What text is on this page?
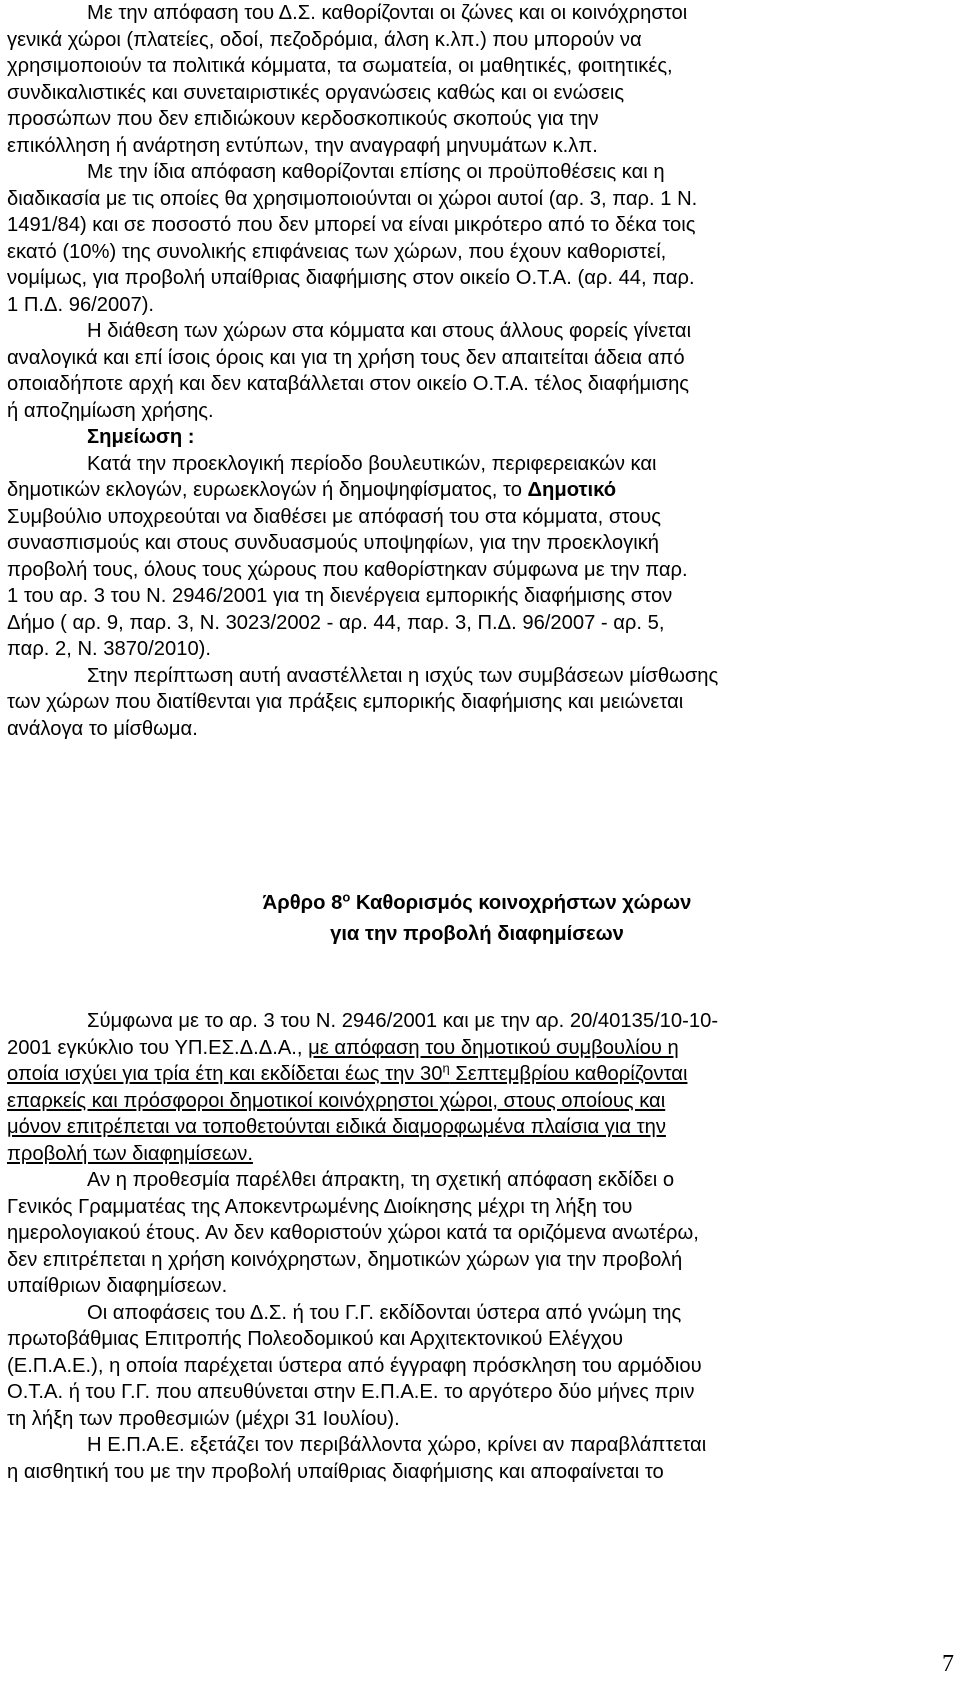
Με την απόφαση του Δ.Σ. καθορίζονται οι ζώνες και οι κοινόχρηστοι
γενικά χώροι (πλατείες, οδοί, πεζοδρόμια, άλση κ.λπ.) που μπορούν να
χρησιμοποιούν τα πολιτικά κόμματα, τα σωματεία, οι μαθητικές, φοιτητικές,
συνδικαλιστικές και συνεταιριστικές οργανώσεις καθώς και οι ενώσεις
προσώπων που δεν επιδιώκουν κερδοσκοπικούς σκοπούς για την
επικόλληση ή ανάρτηση εντύπων, την αναγραφή μηνυμάτων κ.λπ.
Με την ίδια απόφαση καθορίζονται επίσης οι προϋποθέσεις και η
διαδικασία με τις οποίες θα χρησιμοποιούνται οι χώροι αυτοί (αρ. 3, παρ. 1 Ν.
1491/84) και σε ποσοστό που δεν μπορεί να είναι μικρότερο από το δέκα τοις
εκατό (10%) της συνολικής επιφάνειας των χώρων, που έχουν καθοριστεί,
νομίμως, για προβολή υπαίθριας διαφήμισης στον οικείο Ο.Τ.Α. (αρ. 44, παρ.
1 Π.Δ. 96/2007).
Η διάθεση των χώρων στα κόμματα και στους άλλους φορείς γίνεται
αναλογικά και επί ίσοις όροις και για τη χρήση τους δεν απαιτείται άδεια από
οποιαδήποτε αρχή και δεν καταβάλλεται στον οικείο Ο.Τ.Α. τέλος διαφήμισης
ή αποζημίωση χρήσης.
Σημείωση :
Κατά την προεκλογική περίοδο βουλευτικών, περιφερειακών και
δημοτικών εκλογών, ευρωεκλογών ή δημοψηφίσματος, το Δημοτικό
Συμβούλιο υποχρεούται να διαθέσει με απόφασή του στα κόμματα, στους
συνασπισμούς και στους συνδυασμούς υποψηφίων, για την προεκλογική
προβολή τους, όλους τους χώρους που καθορίστηκαν σύμφωνα με την παρ.
1 του αρ. 3 του Ν. 2946/2001 για τη διενέργεια εμπορικής διαφήμισης στον
Δήμο ( αρ. 9, παρ. 3, Ν. 3023/2002 - αρ. 44, παρ. 3, Π.Δ. 96/2007 - αρ. 5,
παρ. 2, Ν. 3870/2010).
Στην περίπτωση αυτή αναστέλλεται η ισχύς των συμβάσεων μίσθωσης
των χώρων που διατίθενται για πράξεις εμπορικής διαφήμισης και μειώνεται
ανάλογα το μίσθωμα.
Άρθρο $8^o$ Καθορισμός κοινοχρήστων χώρων
για την προβολή διαφημίσεων
Σύμφωνα με το αρ. 3 του Ν. 2946/2001 και με την αρ. 20/40135/10-10-
2001 εγκύκλιο του ΥΠ.ΕΣ.Δ.Δ.Α., με απόφαση του δημοτικού συμβουλίου η
οποία ισχύει για τρία έτη και εκδίδεται έως την $30^\eta$ Σεπτεμβρίου καθορίζονται
επαρκείς και πρόσφοροι δημοτικοί κοινόχρηστοι χώροι, στους οποίους και
μόνον επιτρέπεται να τοποθετούνται ειδικά διαμορφωμένα πλαίσια για την
προβολή των διαφημίσεων.
Αν η προθεσμία παρέλθει άπρακτη, τη σχετική απόφαση εκδίδει ο
Γενικός Γραμματέας της Αποκεντρωμένης Διοίκησης μέχρι τη λήξη του
ημερολογιακού έτους. Αν δεν καθοριστούν χώροι κατά τα οριζόμενα ανωτέρω,
δεν επιτρέπεται η χρήση κοινόχρηστων, δημοτικών χώρων για την προβολή
υπαίθριων διαφημίσεων.
Οι αποφάσεις του Δ.Σ. ή του Γ.Γ. εκδίδονται ύστερα από γνώμη της
πρωτοβάθμιας Επιτροπής Πολεοδομικού και Αρχιτεκτονικού Ελέγχου
(Ε.Π.Α.Ε.), η οποία παρέχεται ύστερα από έγγραφη πρόσκληση του αρμόδιου
Ο.Τ.Α. ή του Γ.Γ. που απευθύνεται στην Ε.Π.Α.Ε. το αργότερο δύο μήνες πριν
τη λήξη των προθεσμιών (μέχρι 31 Ιουλίου).
Η Ε.Π.Α.Ε. εξετάζει τον περιβάλλοντα χώρο, κρίνει αν παραβλάπτεται
η αισθητική του με την προβολή υπαίθριας διαφήμισης και αποφαίνεται το
7
